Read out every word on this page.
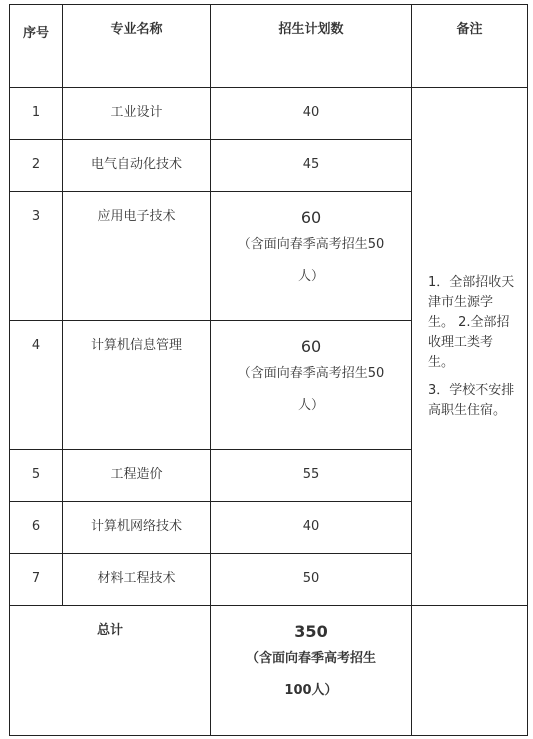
序号	专业名称	招生计划数	备注
1	工业设计	40	1．全部招收天津市生源学生。 2.全部招收理工类考生。

3．学校不安排高职生住宿。

2	电气自动化技术	45	
3	应用电子技术	60
（含面向春季高考招生50人）	

4	计算机信息管理	60
（含面向春季高考招生50人）	

5	工程造价	55	
6	计算机网络技术	40	
7	材料工程技术	50	
总计		350
（含面向春季高考招生100人）	
